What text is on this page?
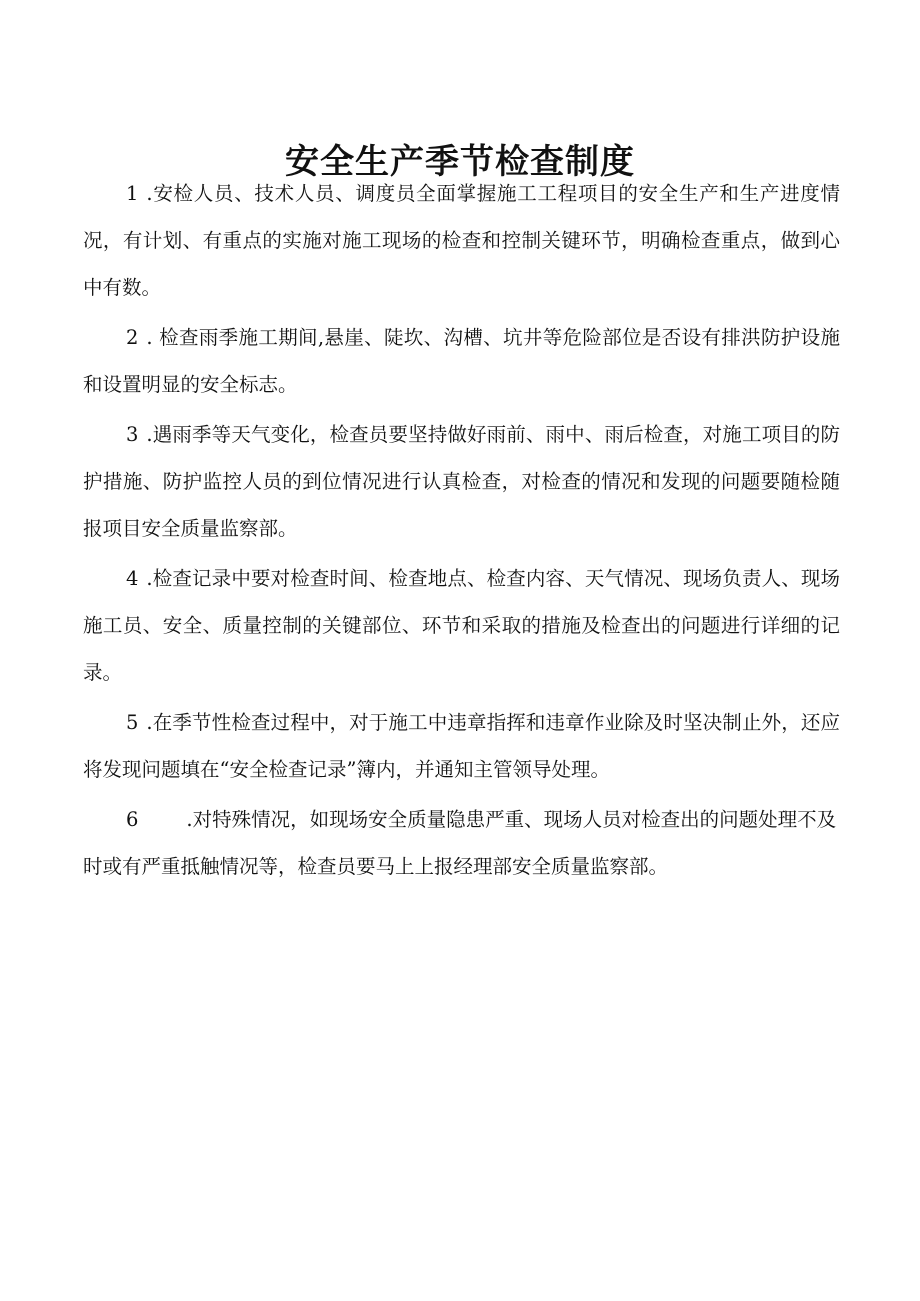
安全生产季节检查制度

1 .安检人员、技术人员、调度员全面掌握施工工程项目的安全生产和生产进度情况，有计划、有重点的实施对施工现场的检查和控制关键环节，明确检查重点，做到心中有数。

2 . 检查雨季施工期间,悬崖、陡坎、沟槽、坑井等危险部位是否设有排洪防护设施和设置明显的安全标志。

3 .遇雨季等天气变化，检查员要坚持做好雨前、雨中、雨后检查，对施工项目的防护措施、防护监控人员的到位情况进行认真检查，对检查的情况和发现的问题要随检随报项目安全质量监察部。

4 .检查记录中要对检查时间、检查地点、检查内容、天气情况、现场负责人、现场施工员、安全、质量控制的关键部位、环节和采取的措施及检查出的问题进行详细的记录。

5 .在季节性检查过程中，对于施工中违章指挥和违章作业除及时坚决制止外，还应将发现问题填在“安全检查记录”簿内，并通知主管领导处理。

6 .对特殊情况，如现场安全质量隐患严重、现场人员对检查出的问题处理不及时或有严重抵触情况等，检查员要马上上报经理部安全质量监察部。
